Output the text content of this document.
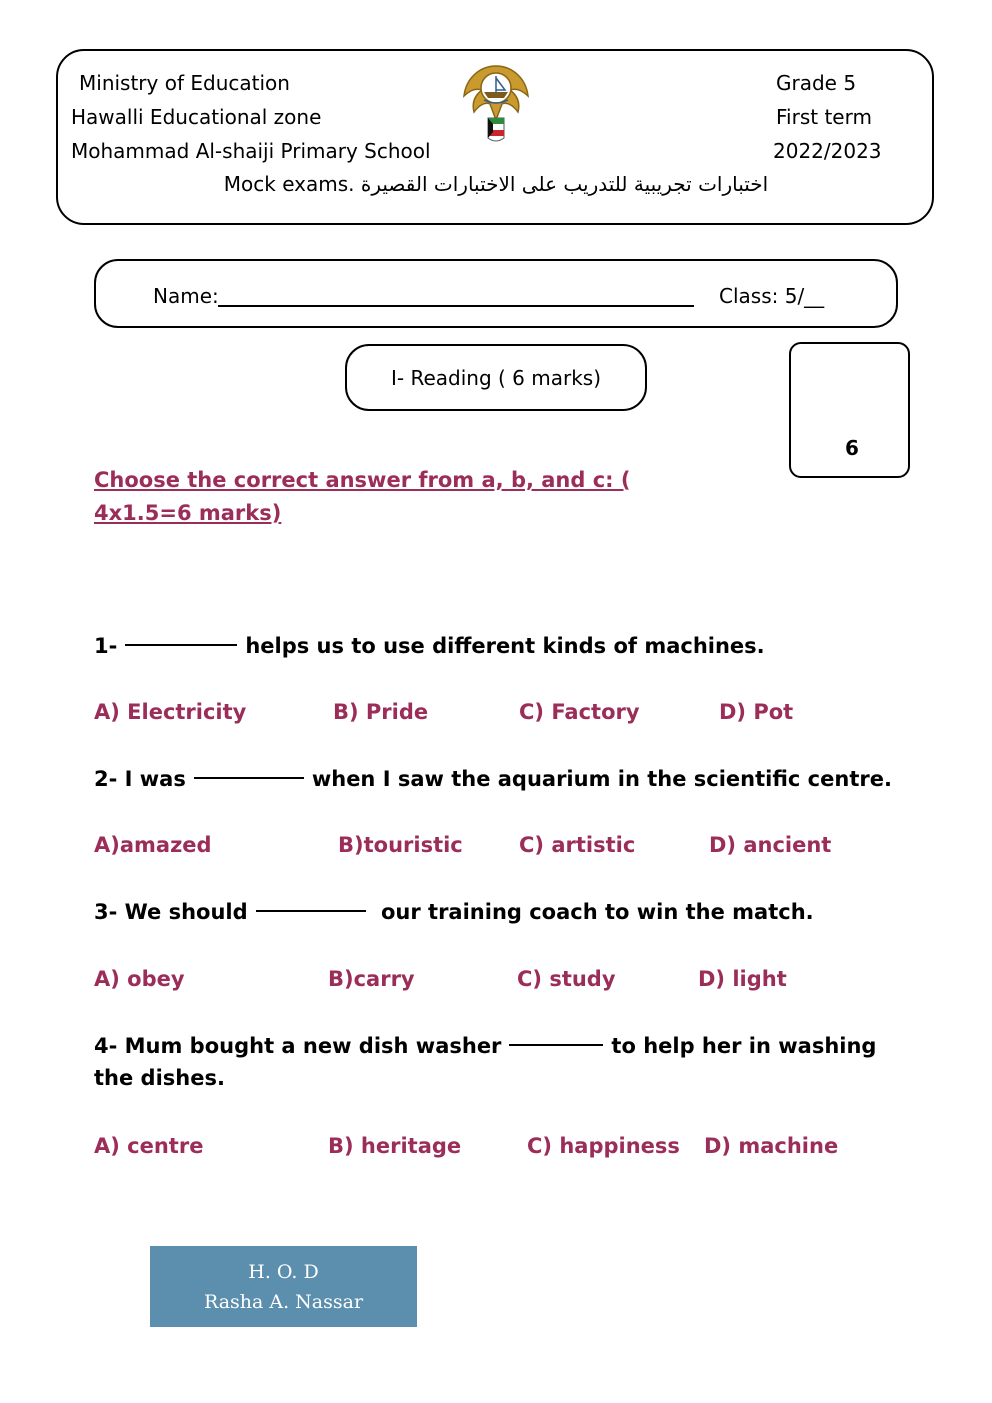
Ministry of Education
Hawalli Educational zone
Mohammad Al-shaiji Primary School
Grade 5
First term
2022/2023
اختبارات تجريبية للتدريب على الاختبارات القصيرة .Mock exams
Name:	Class: 5/__
I- Reading ( 6 marks)
6
Choose the correct answer from a, b, and c: ( 4x1.5=6 marks)
1-	helps us to use different kinds of machines.
A) Electricity	B) Pride	C) Factory	D) Pot
2- I was	when I saw the aquarium in the scientific centre.
A)amazed	B)touristic	C) artistic	D) ancient
3- We should	our training coach to win the match.
A) obey	B)carry	C) study	D) light
4- Mum bought a new dish washer	to help her in washing the dishes.
A) centre	B) heritage	C) happiness D) machine
H. O. D
Rasha A. Nassar
